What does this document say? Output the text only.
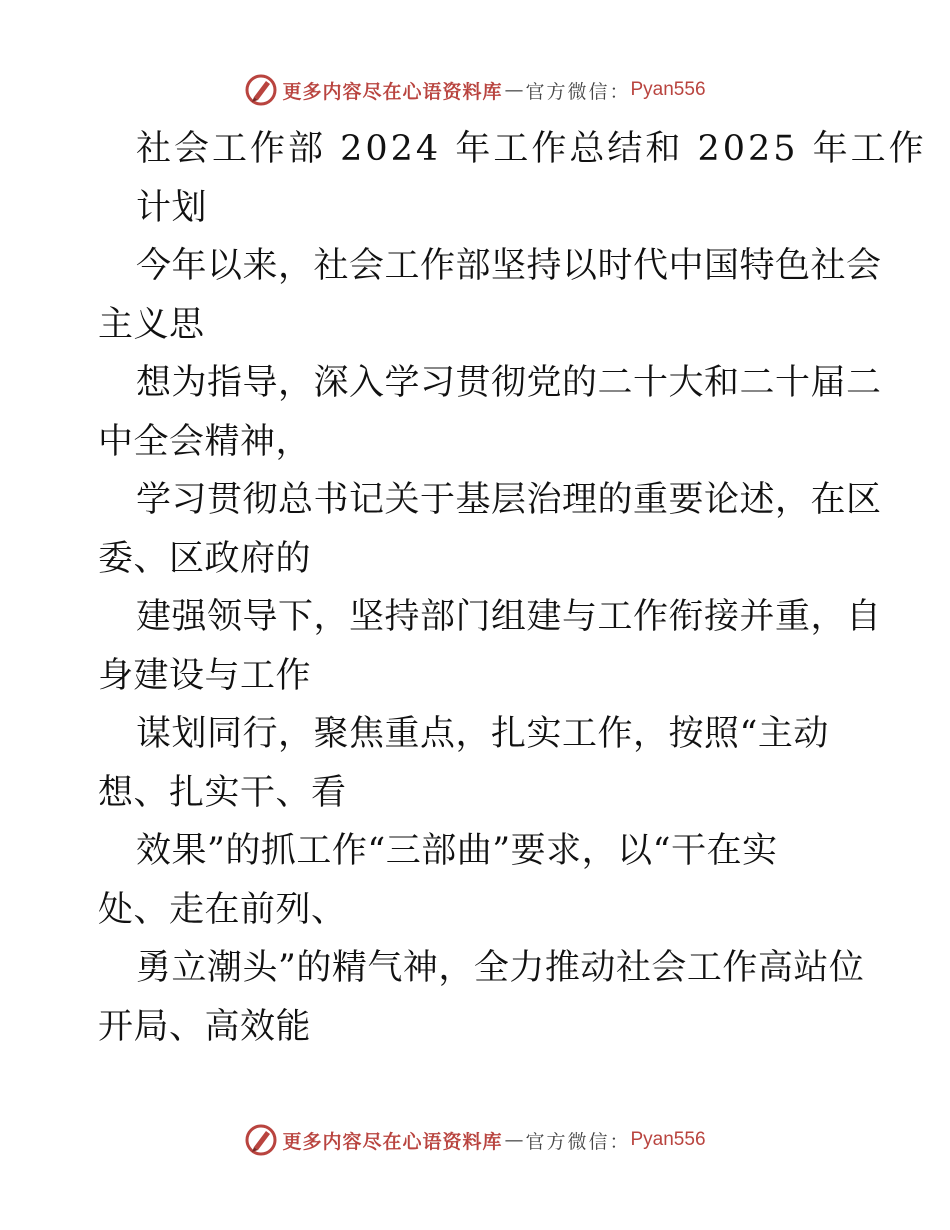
更多内容尽在心语资料库 — 官方微信： Pyan556
社会工作部 2024 年工作总结和 2025 年工作
计划
今年以来，社会工作部坚持以时代中国特色社会
主义思
想为指导，深入学习贯彻党的二十大和二十届二
中全会精神，
学习贯彻总书记关于基层治理的重要论述，在区
委、区政府的
建强领导下，坚持部门组建与工作衔接并重，自
身建设与工作
谋划同行，聚焦重点，扎实工作，按照“主动
想、扎实干、看
效果”的抓工作“三部曲”要求，以“干在实
处、走在前列、
勇立潮头”的精气神，全力推动社会工作高站位
开局、高效能
更多内容尽在心语资料库 — 官方微信： Pyan556
